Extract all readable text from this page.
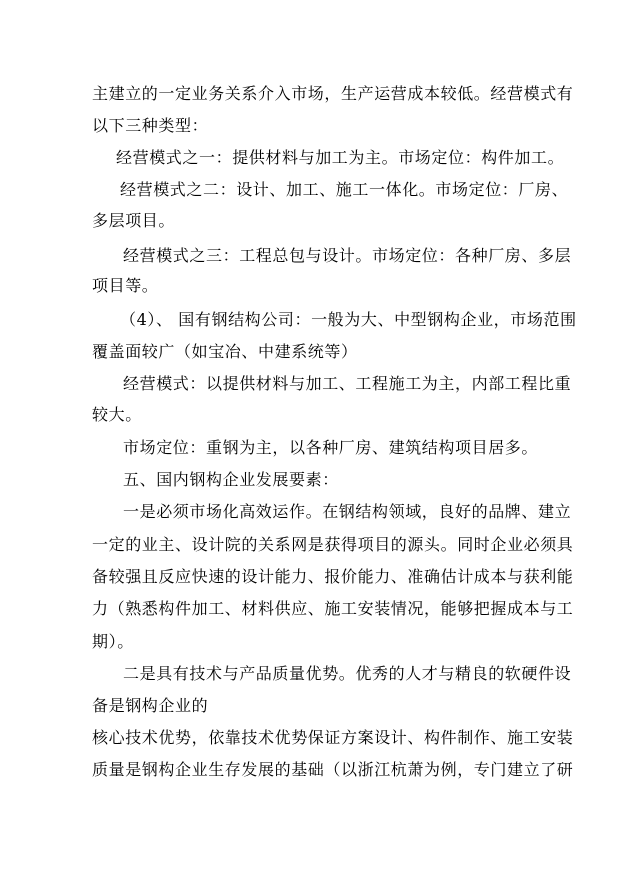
主建立的一定业务关系介入市场，生产运营成本较低。经营模式有
以下三种类型：
经营模式之一：提供材料与加工为主。市场定位：构件加工。
经营模式之二：设计、加工、施工一体化。市场定位：厂房、
多层项目。
经营模式之三：工程总包与设计。市场定位：各种厂房、多层
项目等。
（4）、 国有钢结构公司：一般为大、中型钢构企业，市场范围
覆盖面较广（如宝冶、中建系统等）
经营模式：以提供材料与加工、工程施工为主，内部工程比重
较大。
市场定位：重钢为主，以各种厂房、建筑结构项目居多。
五、国内钢构企业发展要素：
一是必须市场化高效运作。在钢结构领域，良好的品牌、建立
一定的业主、设计院的关系网是获得项目的源头。同时企业必须具
备较强且反应快速的设计能力、报价能力、准确估计成本与获利能
力（熟悉构件加工、材料供应、施工安装情况，能够把握成本与工
期）。
二是具有技术与产品质量优势。优秀的人才与精良的软硬件设
备是钢构企业的
核心技术优势，依靠技术优势保证方案设计、构件制作、施工安装
质量是钢构企业生存发展的基础（以浙江杭萧为例，专门建立了研
